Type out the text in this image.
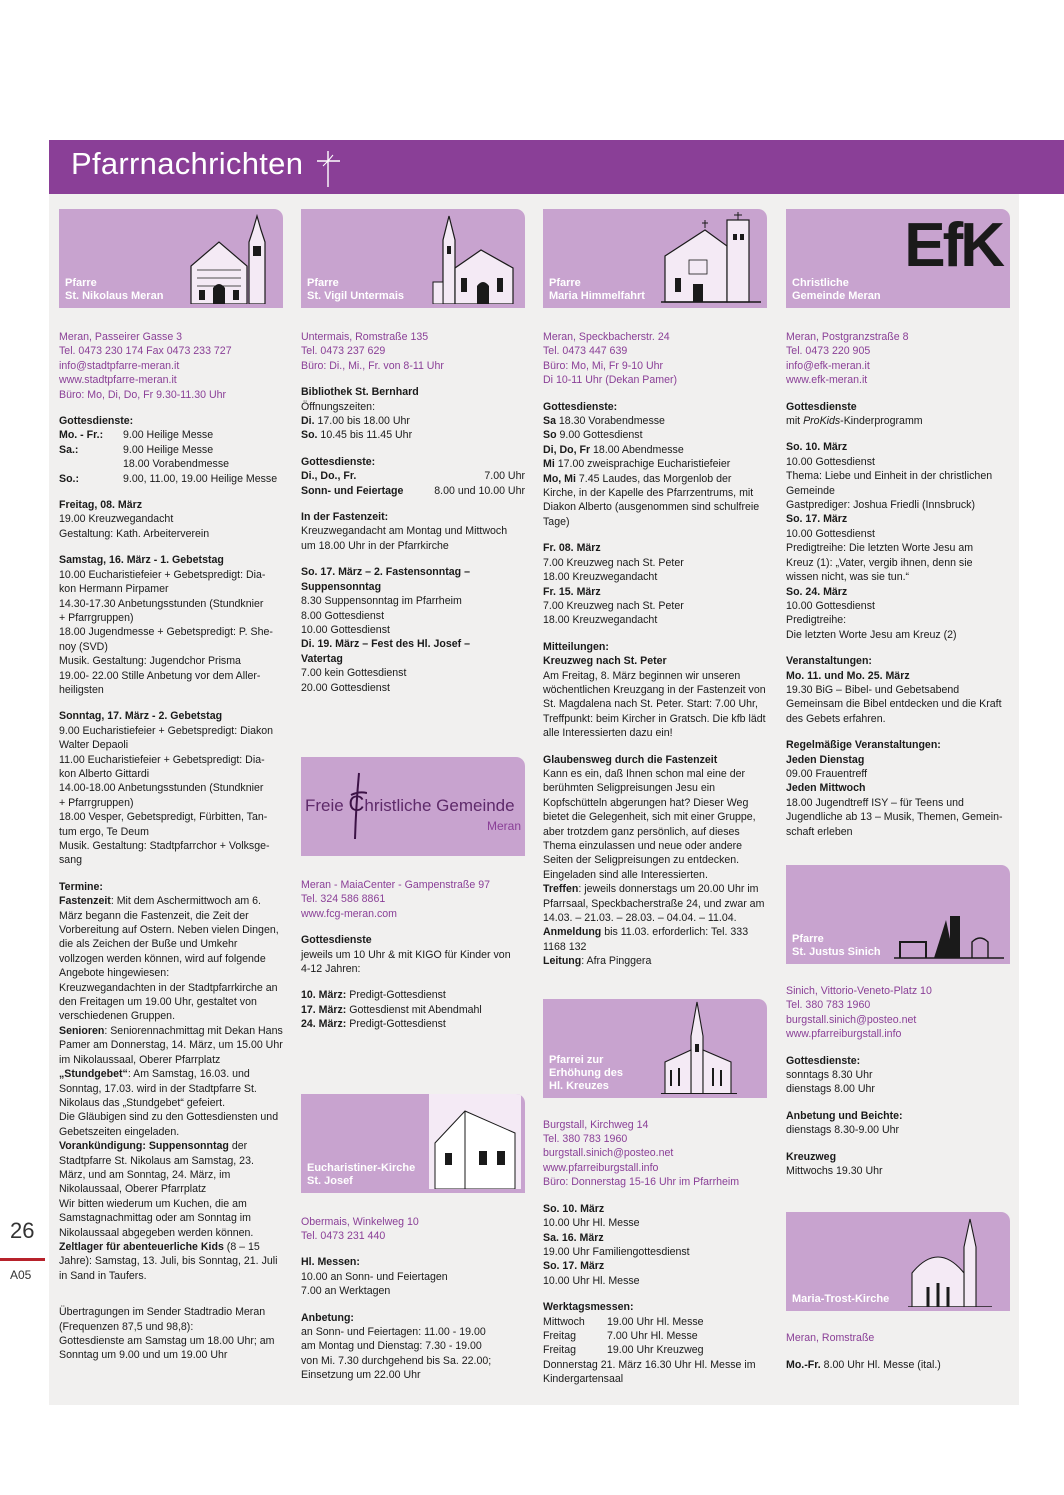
Pfarrnachrichten
26
A05
Pfarre
St. Nikolaus Meran
Meran, Passeirer Gasse 3
Tel. 0473 230 174 Fax 0473 233 727
info@stadtpfarre-meran.it
www.stadtpfarre-meran.it
Büro: Mo, Di, Do, Fr 9.30-11.30 Uhr
Gottesdienste:
Mo. - Fr.:	9.00 Heilige Messe
Sa.:	9.00 Heilige Messe
18.00 Vorabendmesse
So.:	9.00, 11.00, 19.00 Heilige Messe
Freitag, 08. März
19.00 Kreuzwegandacht
Gestaltung: Kath. Arbeiterverein
Samstag, 16. März - 1. Gebetstag
10.00 Eucharistiefeier + Gebetspredigt: Dia-
kon Hermann Pirpamer
14.30-17.30 Anbetungsstunden (Stundknier
+ Pfarrgruppen)
18.00 Jugendmesse + Gebetspredigt: P. She-
noy (SVD)
Musik. Gestaltung: Jugendchor Prisma
19.00- 22.00 Stille Anbetung vor dem Aller-
heiligsten
Sonntag, 17. März - 2. Gebetstag
9.00 Eucharistiefeier + Gebetspredigt: Diakon
Walter Depaoli
11.00 Eucharistiefeier + Gebetspredigt: Dia-
kon Alberto Gittardi
14.00-18.00 Anbetungsstunden (Stundknier
+ Pfarrgruppen)
18.00 Vesper, Gebetspredigt, Fürbitten, Tan-
tum ergo, Te Deum
Musik. Gestaltung: Stadtpfarrchor + Volksge-
sang
Termine:
Fastenzeit: Mit dem Aschermittwoch am 6. März begann die Fastenzeit, die Zeit der Vorbereitung auf Ostern. Neben vielen Dingen, die als Zeichen der Buße und Umkehr vollzogen werden können, wird auf folgende Angebote hingewiesen:
Kreuzwegandachten in der Stadtpfarrkirche an den Freitagen um 19.00 Uhr, gestaltet von verschiedenen Gruppen.
Senioren: Seniorennachmittag mit Dekan Hans Pamer am Donnerstag, 14. März, um 15.00 Uhr im Nikolaussaal, Oberer Pfarrplatz
„Stundgebet“: Am Samstag, 16.03. und Sonntag, 17.03. wird in der Stadtpfarre St. Nikolaus das „Stundgebet“ gefeiert.
Die Gläubigen sind zu den Gottesdiensten und Gebetszeiten eingeladen.
Vorankündigung: Suppensonntag der Stadtpfarre St. Nikolaus am Samstag, 23. März, und am Sonntag, 24. März, im Nikolaussaal, Oberer Pfarrplatz
Wir bitten wiederum um Kuchen, die am Samstagnachmittag oder am Sonntag im Nikolaussaal abgegeben werden können.
Zeltlager für abenteuerliche Kids (8 – 15 Jahre): Samstag, 13. Juli, bis Sonntag, 21. Juli in Sand in Taufers.
Übertragungen im Sender Stadtradio Meran (Frequenzen 87,5 und 98,8):
Gottesdienste am Samstag um 18.00 Uhr; am Sonntag um 9.00 und um 19.00 Uhr
Pfarre
St. Vigil Untermais
Untermais, Romstraße 135
Tel. 0473 237 629
Büro: Di., Mi., Fr. von 8-11 Uhr
Bibliothek St. Bernhard
Öffnungszeiten:
Di. 17.00 bis 18.00 Uhr
So. 10.45 bis 11.45 Uhr
Gottesdienste:
Di., Do., Fr.	7.00 Uhr
Sonn- und Feiertage	8.00 und 10.00 Uhr
In der Fastenzeit:
Kreuzwegandacht am Montag und Mittwoch
um 18.00 Uhr in der Pfarrkirche
So. 17. März – 2. Fastensonntag –
Suppensonntag
8.30 Suppensonntag im Pfarrheim
8.00 Gottesdienst
10.00 Gottesdienst
Di. 19. März – Fest des Hl. Josef –
Vatertag
7.00 kein Gottesdienst
20.00 Gottesdienst
Freie Christliche Gemeinde
Meran
Meran - MaiaCenter - Gampenstraße 97
Tel. 324 586 8861
www.fcg-meran.com
Gottesdienste
jeweils um 10 Uhr & mit KIGO für Kinder von
4-12 Jahren:
10. März: Predigt-Gottesdienst
17. März: Gottesdienst mit Abendmahl
24. März: Predigt-Gottesdienst
Eucharistiner-Kirche
St. Josef
Obermais, Winkelweg 10
Tel. 0473 231 440
Hl. Messen:
10.00 an Sonn- und Feiertagen
7.00 an Werktagen
Anbetung:
an Sonn- und Feiertagen: 11.00 - 19.00
am Montag und Dienstag: 7.30 - 19.00
von Mi. 7.30 durchgehend bis Sa. 22.00;
Einsetzung um 22.00 Uhr
Pfarre
Maria Himmelfahrt
Meran, Speckbacherstr. 24
Tel. 0473 447 639
Büro: Mo, Mi, Fr 9-10 Uhr
Di 10-11 Uhr (Dekan Pamer)
Gottesdienste:
Sa 18.30 Vorabendmesse
So 9.00 Gottesdienst
Di, Do, Fr 18.00 Abendmesse
Mi 17.00 zweisprachige Eucharistiefeier
Mo, Mi 7.45 Laudes, das Morgenlob der Kirche, in der Kapelle des Pfarrzentrums, mit Diakon Alberto (ausgenommen sind schulfreie Tage)
Fr. 08. März
7.00 Kreuzweg nach St. Peter
18.00 Kreuzwegandacht
Fr. 15. März
7.00 Kreuzweg nach St. Peter
18.00 Kreuzwegandacht
Mitteilungen:
Kreuzweg nach St. Peter
Am Freitag, 8. März beginnen wir unseren wöchentlichen Kreuzgang in der Fastenzeit von St. Magdalena nach St. Peter. Start: 7.00 Uhr, Treffpunkt: beim Kircher in Gratsch. Die kfb lädt alle Interessierten dazu ein!
Glaubensweg durch die Fastenzeit
Kann es ein, daß Ihnen schon mal eine der berühmten Seligpreisungen Jesu ein Kopfschütteln abgerungen hat? Dieser Weg bietet die Gelegenheit, sich mit einer Gruppe, aber trotzdem ganz persönlich, auf dieses Thema einzulassen und neue oder andere Seiten der Seligpreisungen zu entdecken. Eingeladen sind alle Interessierten.
Treffen: jeweils donnerstags um 20.00 Uhr im Pfarrsaal, Speckbacherstraße 24, und zwar am 14.03. – 21.03. – 28.03. – 04.04. – 11.04.
Anmeldung bis 11.03. erforderlich: Tel. 333 1168 132
Leitung: Afra Pinggera
Pfarrei zur
Erhöhung des
Hl. Kreuzes
Burgstall, Kirchweg 14
Tel. 380 783 1960
burgstall.sinich@posteo.net
www.pfarreiburgstall.info
Büro: Donnerstag 15-16 Uhr im Pfarrheim
So. 10. März
10.00 Uhr Hl. Messe
Sa. 16. März
19.00 Uhr Familiengottesdienst
So. 17. März
10.00 Uhr Hl. Messe
Werktagsmessen:
Mittwoch	19.00 Uhr Hl. Messe
Freitag	7.00 Uhr Hl. Messe
Freitag	19.00 Uhr Kreuzweg
Donnerstag 21. März 16.30 Uhr Hl. Messe im
Kindergartensaal
EfK
Christliche
Gemeinde Meran
Meran, Postgranzstraße 8
Tel. 0473 220 905
info@efk-meran.it
www.efk-meran.it
Gottesdienste
mit ProKids-Kinderprogramm
So. 10. März
10.00 Gottesdienst
Thema: Liebe und Einheit in der christlichen
Gemeinde
Gastprediger: Joshua Friedli (Innsbruck)
So. 17. März
10.00 Gottesdienst
Predigtreihe: Die letzten Worte Jesu am
Kreuz (1): „Vater, vergib ihnen, denn sie
wissen nicht, was sie tun.“
So. 24. März
10.00 Gottesdienst
Predigtreihe:
Die letzten Worte Jesu am Kreuz (2)
Veranstaltungen:
Mo. 11. und Mo. 25. März
19.30 BiG – Bibel- und Gebetsabend
Gemeinsam die Bibel entdecken und die Kraft
des Gebets erfahren.
Regelmäßige Veranstaltungen:
Jeden Dienstag
09.00 Frauentreff
Jeden Mittwoch
18.00 Jugendtreff ISY – für Teens und
Jugendliche ab 13 – Musik, Themen, Gemein-
schaft erleben
Pfarre
St. Justus Sinich
Sinich, Vittorio-Veneto-Platz 10
Tel. 380 783 1960
burgstall.sinich@posteo.net
www.pfarreiburgstall.info
Gottesdienste:
sonntags 8.30 Uhr
dienstags 8.00 Uhr
Anbetung und Beichte:
dienstags 8.30-9.00 Uhr
Kreuzweg
Mittwochs 19.30 Uhr
Maria-Trost-Kirche
Meran, Romstraße
Mo.-Fr. 8.00 Uhr Hl. Messe (ital.)
